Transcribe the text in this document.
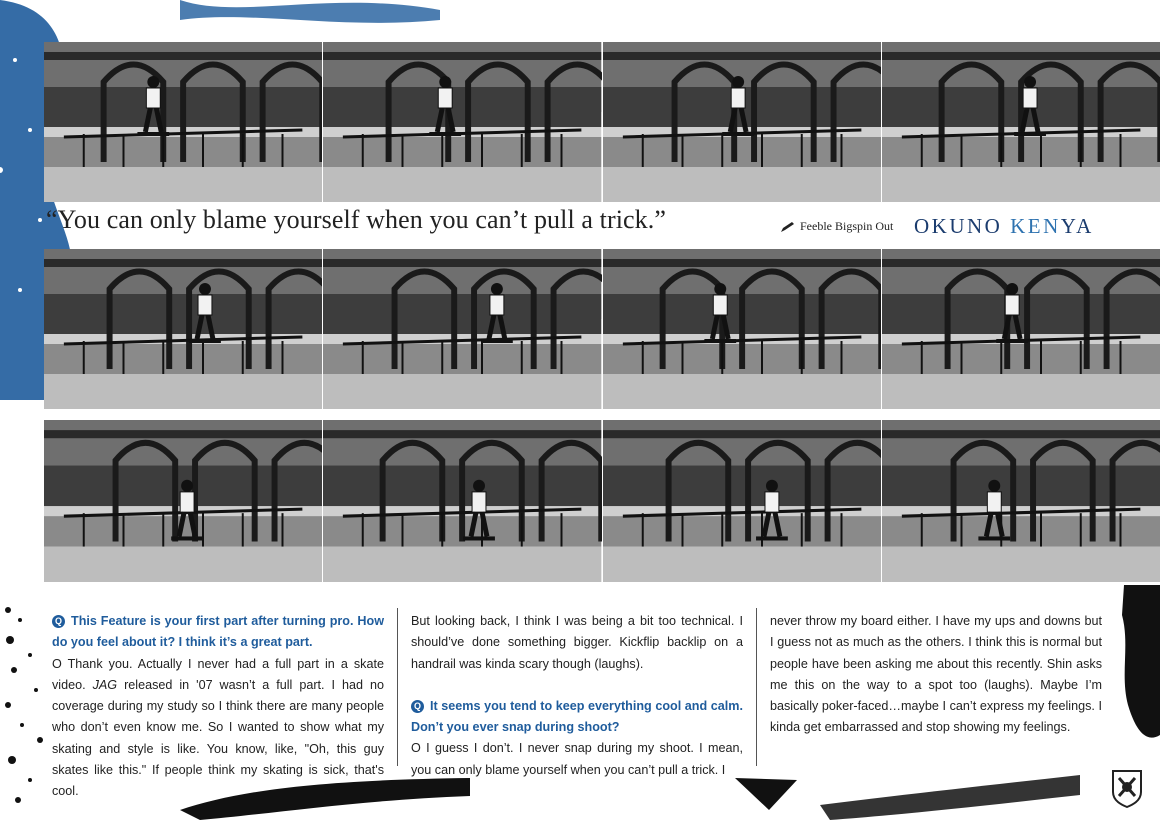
“You can only blame yourself when you can’t pull a trick.”	Feeble Bigspin Out OKUNO KENYA

Q This Feature is your first part after turning pro. How do you feel about it? I think it’s a great part.

O Thank you. Actually I never had a full part in a skate video. JAG released in '07 wasn’t a full part. I had no coverage during my study so I think there are many people who don’t even know me. So I wanted to show what my skating and style is like. You know, like, "Oh, this guy skates like this." If people think my skating is sick, that's cool.

But looking back, I think I was being a bit too technical. I should’ve done something bigger. Kickflip backlip on a handrail was kinda scary though (laughs).

Q It seems you tend to keep everything cool and calm. Don’t you ever snap during shoot?

O I guess I don’t. I never snap during my shoot. I mean, you can only blame yourself when you can’t pull a trick. I

never throw my board either. I have my ups and downs but I guess not as much as the others. I think this is normal but people have been asking me about this recently. Shin asks me this on the way to a spot too (laughs). Maybe I’m basically poker-faced…maybe I can’t express my feelings. I kinda get embarrassed and stop showing my feelings.
